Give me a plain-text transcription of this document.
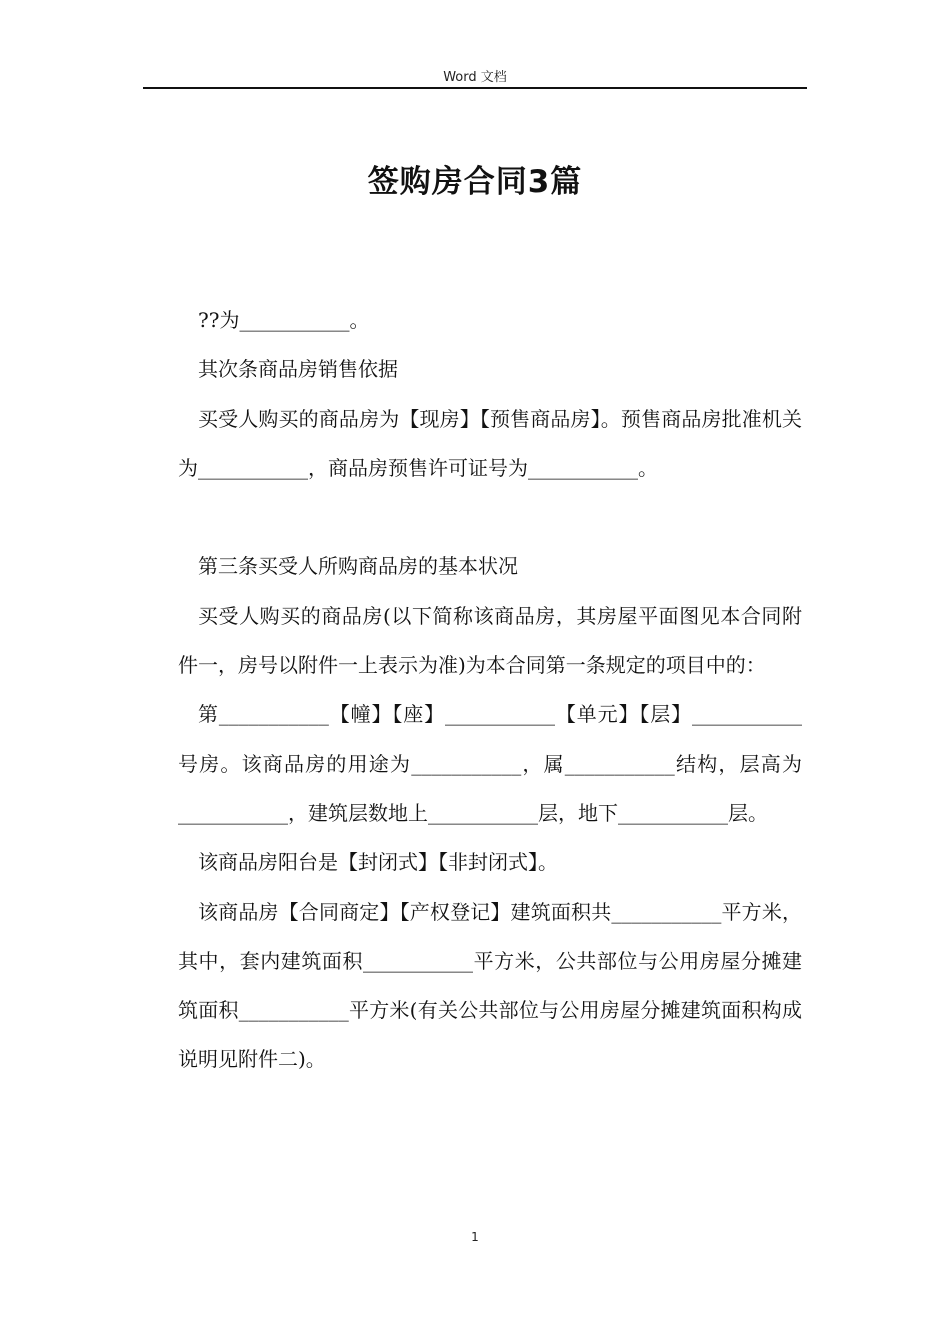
Word 文档
签购房合同3篇

??为___________。

其次条商品房销售依据

买受人购买的商品房为【现房】【预售商品房】。预售商品房批准机关为___________，商品房预售许可证号为___________。

第三条买受人所购商品房的基本状况

买受人购买的商品房(以下简称该商品房，其房屋平面图见本合同附件一，房号以附件一上表示为准)为本合同第一条规定的项目中的：

第___________【幢】【座】___________【单元】【层】___________号房。该商品房的用途为___________，属___________结构，层高为___________，建筑层数地上___________层，地下___________层。

该商品房阳台是【封闭式】【非封闭式】。

该商品房【合同商定】【产权登记】建筑面积共___________平方米，其中，套内建筑面积___________平方米，公共部位与公用房屋分摊建筑面积___________平方米(有关公共部位与公用房屋分摊建筑面积构成说明见附件二)。

1
